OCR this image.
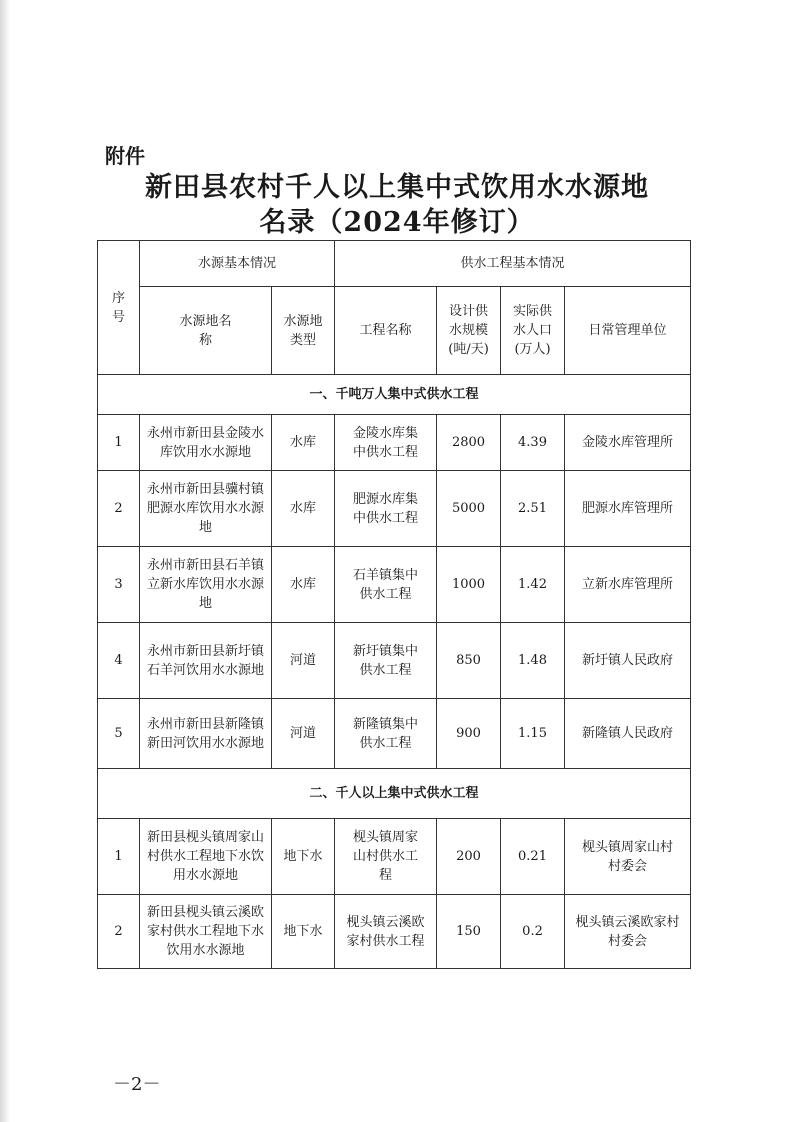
附件
新田县农村千人以上集中式饮用水水源地
名录（2024年修订）
序号	水源基本情况		供水工程基本情况			
	水源地名称	水源地类型	工程名称	设计供水规模(吨/天)	实际供水人口(万人)	日常管理单位
一、千吨万人集中式供水工程						
1	永州市新田县金陵水库饮用水水源地	水库	金陵水库集中供水工程	2800	4.39	金陵水库管理所
2	永州市新田县骥村镇肥源水库饮用水水源地	水库	肥源水库集中供水工程	5000	2.51	肥源水库管理所
3	永州市新田县石羊镇立新水库饮用水水源地	水库	石羊镇集中供水工程	1000	1.42	立新水库管理所
4	永州市新田县新圩镇石羊河饮用水水源地	河道	新圩镇集中供水工程	850	1.48	新圩镇人民政府
5	永州市新田县新隆镇新田河饮用水水源地	河道	新隆镇集中供水工程	900	1.15	新隆镇人民政府
二、千人以上集中式供水工程						
1	新田县枧头镇周家山村供水工程地下水饮用水水源地	地下水	枧头镇周家山村供水工程	200	0.21	枧头镇周家山村村委会
2	新田县枧头镇云溪欧家村供水工程地下水饮用水水源地	地下水	枧头镇云溪欧家村供水工程	150	0.2	枧头镇云溪欧家村村委会
－2－
